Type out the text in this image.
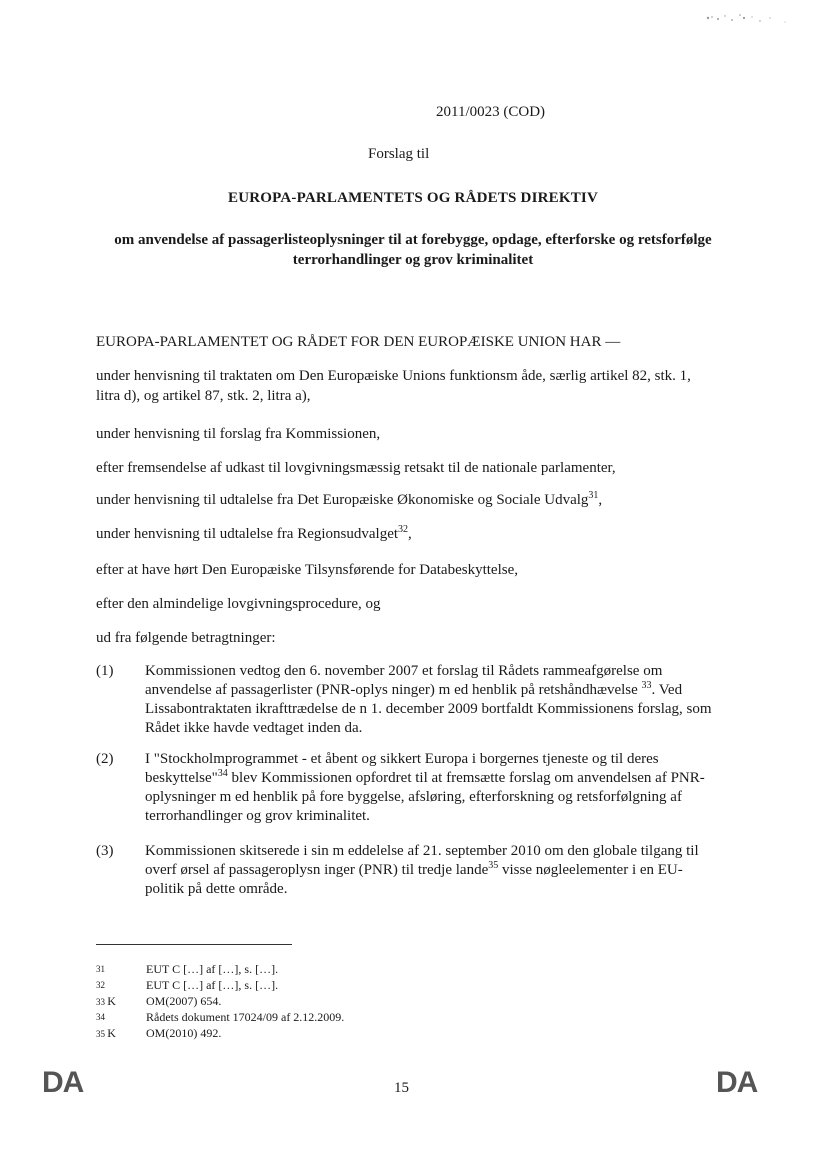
2011/0023 (COD)
Forslag til
EUROPA-PARLAMENTETS OG RÅDETS DIREKTIV
om anvendelse af passagerlisteoplysninger til at forebygge, opdage, efterforske og retsforfølge terrorhandlinger og grov kriminalitet
EUROPA-PARLAMENTET OG RÅDET FOR DEN EUROPÆISKE UNION HAR —
under henvisning til traktaten om Den Europæiske Unions funktionsm åde, særlig artikel 82, stk. 1, litra d), og artikel 87, stk. 2, litra a),
under henvisning til forslag fra Kommissionen,
efter fremsendelse af udkast til lovgivningsmæssig retsakt til de nationale parlamenter,
under henvisning til udtalelse fra Det Europæiske Økonomiske og Sociale Udvalg$^{31}$,
under henvisning til udtalelse fra Regionsudvalget$^{32}$,
efter at have hørt Den Europæiske Tilsynsførende for Databeskyttelse,
efter den almindelige lovgivningsprocedure, og
ud fra følgende betragtninger:
(1) Kommissionen vedtog den 6. november 2007 et forslag til Rådets rammeafgørelse om anvendelse af passagerlister (PNR-oplys ninger) m ed henblik på retshåndhævelse $^{33}$. Ved Lissabontraktaten ikrafttrædelse de n 1. december 2009 bortfaldt Kommissionens forslag, som Rådet ikke havde vedtaget inden da.
(2) I "Stockholmprogrammet - et åbent og sikkert Europa i borgernes tjeneste og til deres beskyttelse"$^{34}$ blev Kommissionen opfordret til at fremsætte forslag om anvendelsen af PNR-oplysninger m ed henblik på fore byggelse, afsløring, efterforskning og retsforfølgning af terrorhandlinger og grov kriminalitet.
(3) Kommissionen skitserede i sin m eddelelse af 21. september 2010 om den globale tilgang til overf ørsel af passageroplysn inger (PNR) til tredje lande$^{35}$ visse nøgleelementer i en EU-politik på dette område.
31	EUT C […] af […], s. […].
32	EUT C […] af […], s. […].
33 K	OM(2007) 654.
34	Rådets dokument 17024/09 af 2.12.2009.
35 K	OM(2010) 492.
DA	15	DA
